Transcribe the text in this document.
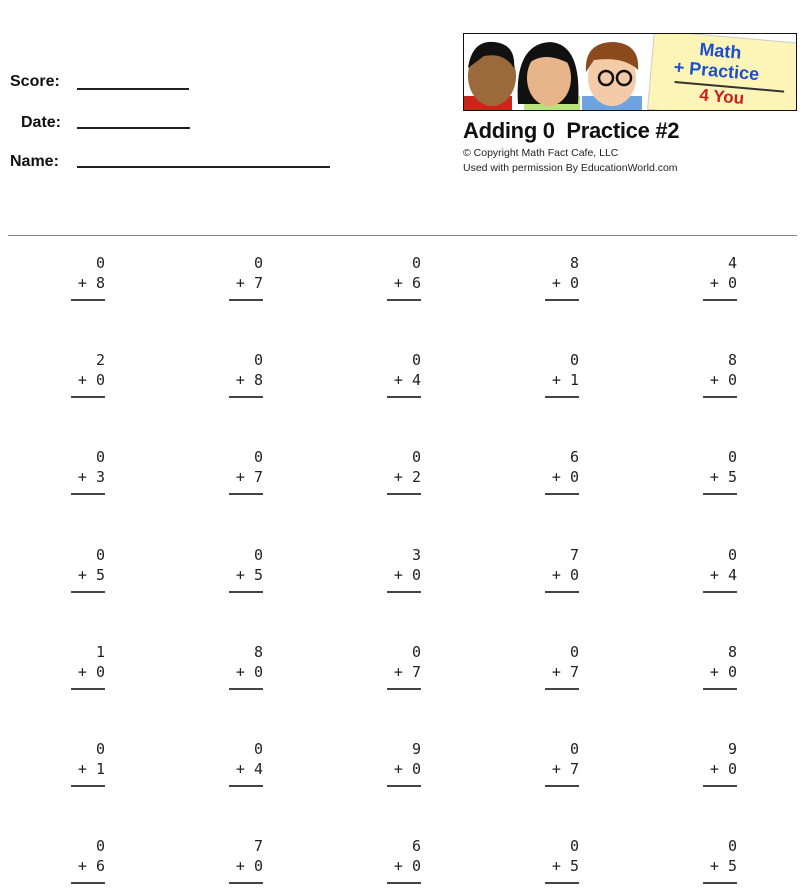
Score:
Date:
Name:
Math
+ Practice
4 You
Adding 0  Practice #2
© Copyright Math Fact Cafe, LLC
Used with permission By EducationWorld.com
0
+ 8
0
+ 7
0
+ 6
8
+ 0
4
+ 0
2
+ 0
0
+ 8
0
+ 4
0
+ 1
8
+ 0
0
+ 3
0
+ 7
0
+ 2
6
+ 0
0
+ 5
0
+ 5
0
+ 5
3
+ 0
7
+ 0
0
+ 4
1
+ 0
8
+ 0
0
+ 7
0
+ 7
8
+ 0
0
+ 1
0
+ 4
9
+ 0
0
+ 7
9
+ 0
0
+ 6
7
+ 0
6
+ 0
0
+ 5
0
+ 5
